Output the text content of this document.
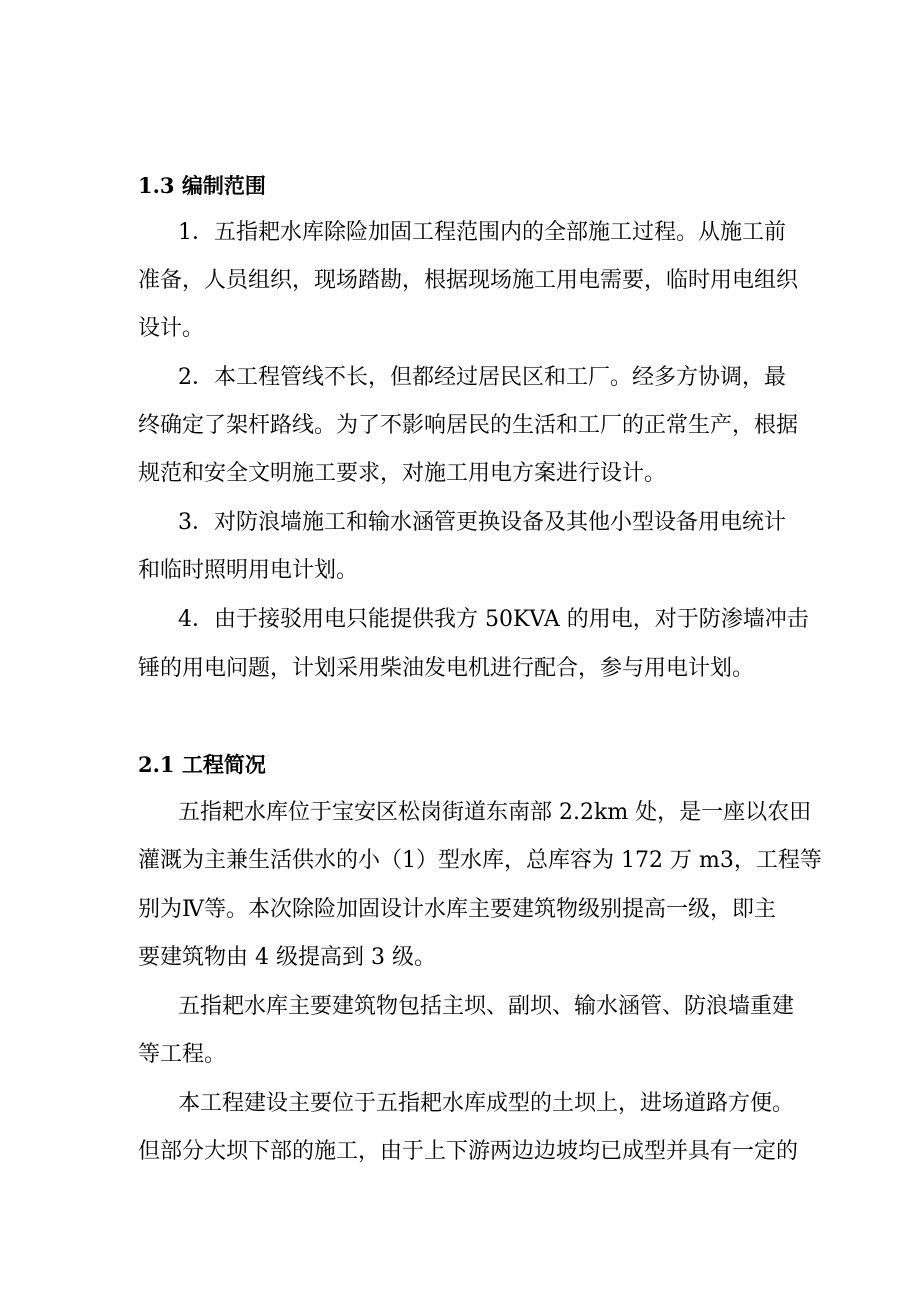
1.3 编制范围
1．五指耙水库除险加固工程范围内的全部施工过程。从施工前
准备，人员组织，现场踏勘，根据现场施工用电需要，临时用电组织
设计。
2．本工程管线不长，但都经过居民区和工厂。经多方协调，最
终确定了架杆路线。为了不影响居民的生活和工厂的正常生产，根据
规范和安全文明施工要求，对施工用电方案进行设计。
3．对防浪墙施工和输水涵管更换设备及其他小型设备用电统计
和临时照明用电计划。
4．由于接驳用电只能提供我方 50KVA 的用电，对于防渗墙冲击
锤的用电问题，计划采用柴油发电机进行配合，参与用电计划。
2.1 工程简况
五指耙水库位于宝安区松岗街道东南部 2.2km 处，是一座以农田
灌溉为主兼生活供水的小（1）型水库，总库容为 172 万 m3，工程等
别为Ⅳ等。本次除险加固设计水库主要建筑物级别提高一级，即主
要建筑物由 4 级提高到 3 级。
五指耙水库主要建筑物包括主坝、副坝、输水涵管、防浪墙重建
等工程。
本工程建设主要位于五指耙水库成型的土坝上，进场道路方便。
但部分大坝下部的施工，由于上下游两边边坡均已成型并具有一定的
